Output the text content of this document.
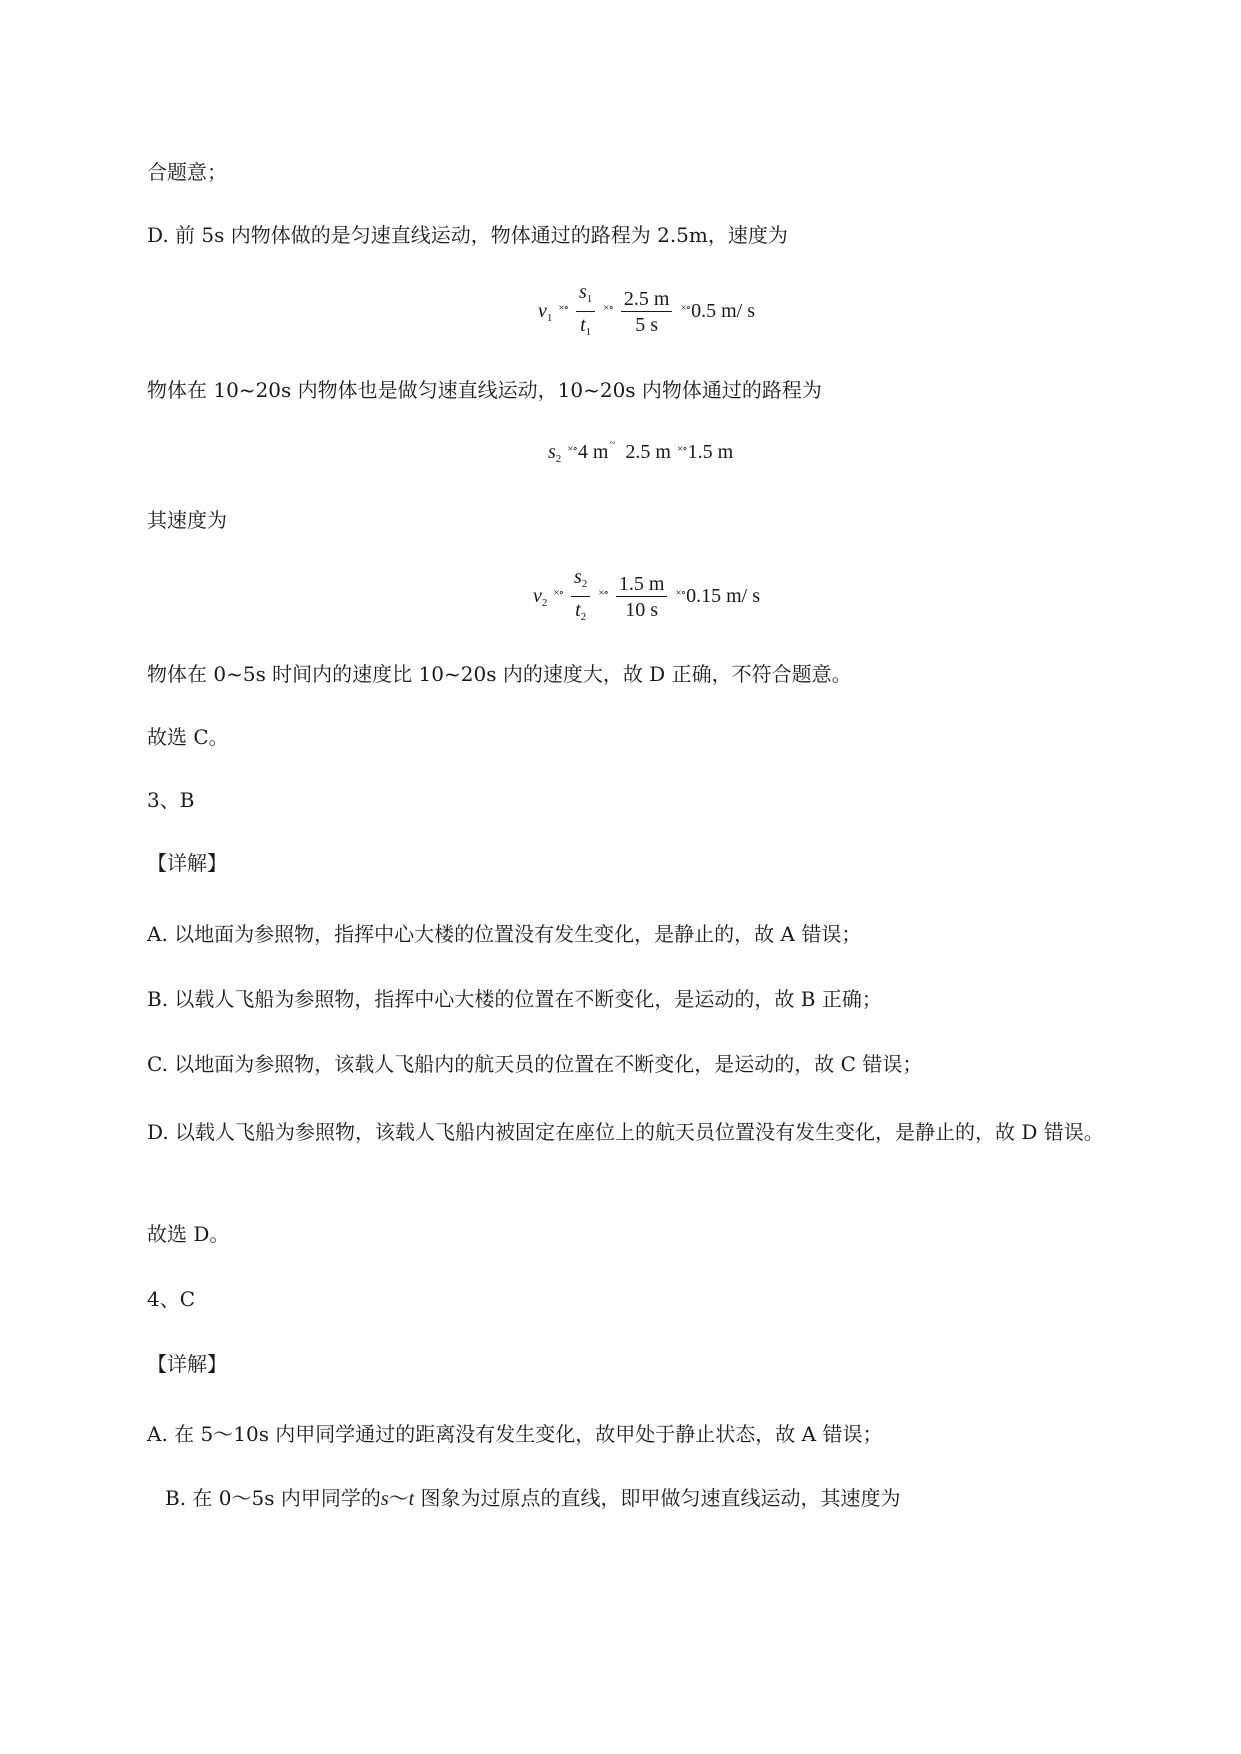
合题意；
D. 前 5s 内物体做的是匀速直线运动，物体通过的路程为 2.5m，速度为
$v_1$ $^{\times\circ} \frac{s_1}{t_1} ^{\times\circ} \frac{2.5 m}{5 s} ^{\times\circ}0.5$ m/ s
物体在 10~20s 内物体也是做匀速直线运动，10~20s 内物体通过的路程为
$s_2$ ×∘4 m~ 2.5 m ×∘1.5 m
其速度为
$v_2$ $^{\times\circ} \frac{s_2}{t_2} ^{\times\circ} \frac{1.5 m}{10 s} ^{\times\circ}0.15$ m/ s
物体在 0~5s 时间内的速度比 10~20s 内的速度大，故 D 正确，不符合题意。
故选 C。
3、B
【详解】
A. 以地面为参照物，指挥中心大楼的位置没有发生变化，是静止的，故 A 错误；
B. 以载人飞船为参照物，指挥中心大楼的位置在不断变化，是运动的，故 B 正确；
C. 以地面为参照物，该载人飞船内的航天员的位置在不断变化，是运动的，故 C 错误；
D. 以载人飞船为参照物，该载人飞船内被固定在座位上的航天员位置没有发生变化，是静止的，故 D 错误。
故选 D。
4、C
【详解】
A. 在 5～10s 内甲同学通过的距离没有发生变化，故甲处于静止状态，故 A 错误；
B. 在 0～5s 内甲同学的s～t 图象为过原点的直线，即甲做匀速直线运动，其速度为
